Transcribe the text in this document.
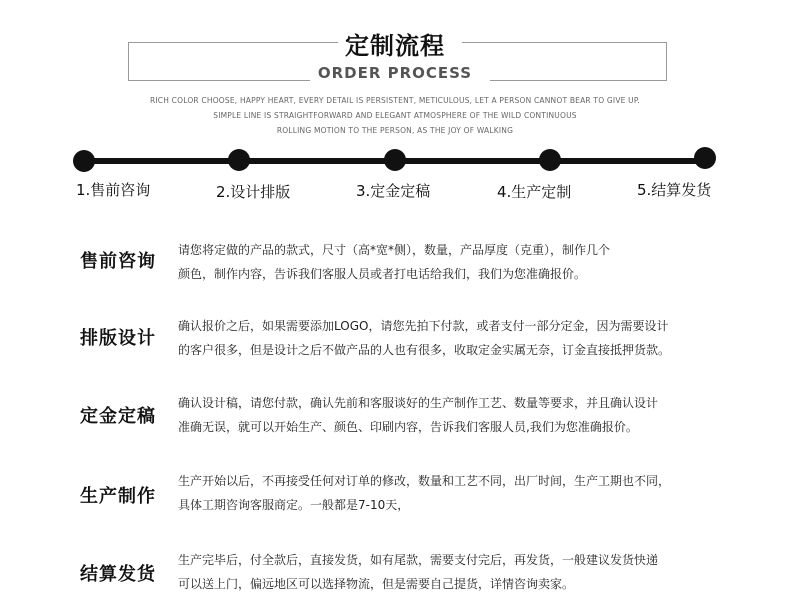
定制流程
ORDER PROCESS
RICH COLOR CHOOSE, HAPPY HEART, EVERY DETAIL IS PERSISTENT, METICULOUS, LET A PERSON CANNOT BEAR TO GIVE UP.
SIMPLE LINE IS STRAIGHTFORWARD AND ELEGANT ATMOSPHERE OF THE WILD CONTINUOUS
ROLLING MOTION TO THE PERSON, AS THE JOY OF WALKING
1.售前咨询	2.设计排版	3.定金定稿	4.生产定制	5.结算发货
售前咨询
请您将定做的产品的款式，尺寸（高*宽*侧），数量，产品厚度（克重），制作几个
颜色，制作内容，告诉我们客服人员或者打电话给我们，我们为您准确报价。
排版设计
确认报价之后，如果需要添加LOGO，请您先拍下付款，或者支付一部分定金，因为需要设计
的客户很多，但是设计之后不做产品的人也有很多，收取定金实属无奈，订金直接抵押货款。
定金定稿
确认设计稿，请您付款，确认先前和客服谈好的生产制作工艺、数量等要求，并且确认设计
准确无误，就可以开始生产、颜色、印刷内容，告诉我们客服人员,我们为您准确报价。
生产制作
生产开始以后，不再接受任何对订单的修改，数量和工艺不同，出厂时间，生产工期也不同，
具体工期咨询客服商定。一般都是7-10天，
结算发货
生产完毕后，付全款后，直接发货，如有尾款，需要支付完后，再发货，一般建议发货快递
可以送上门，偏远地区可以选择物流，但是需要自己提货，详情咨询卖家。
